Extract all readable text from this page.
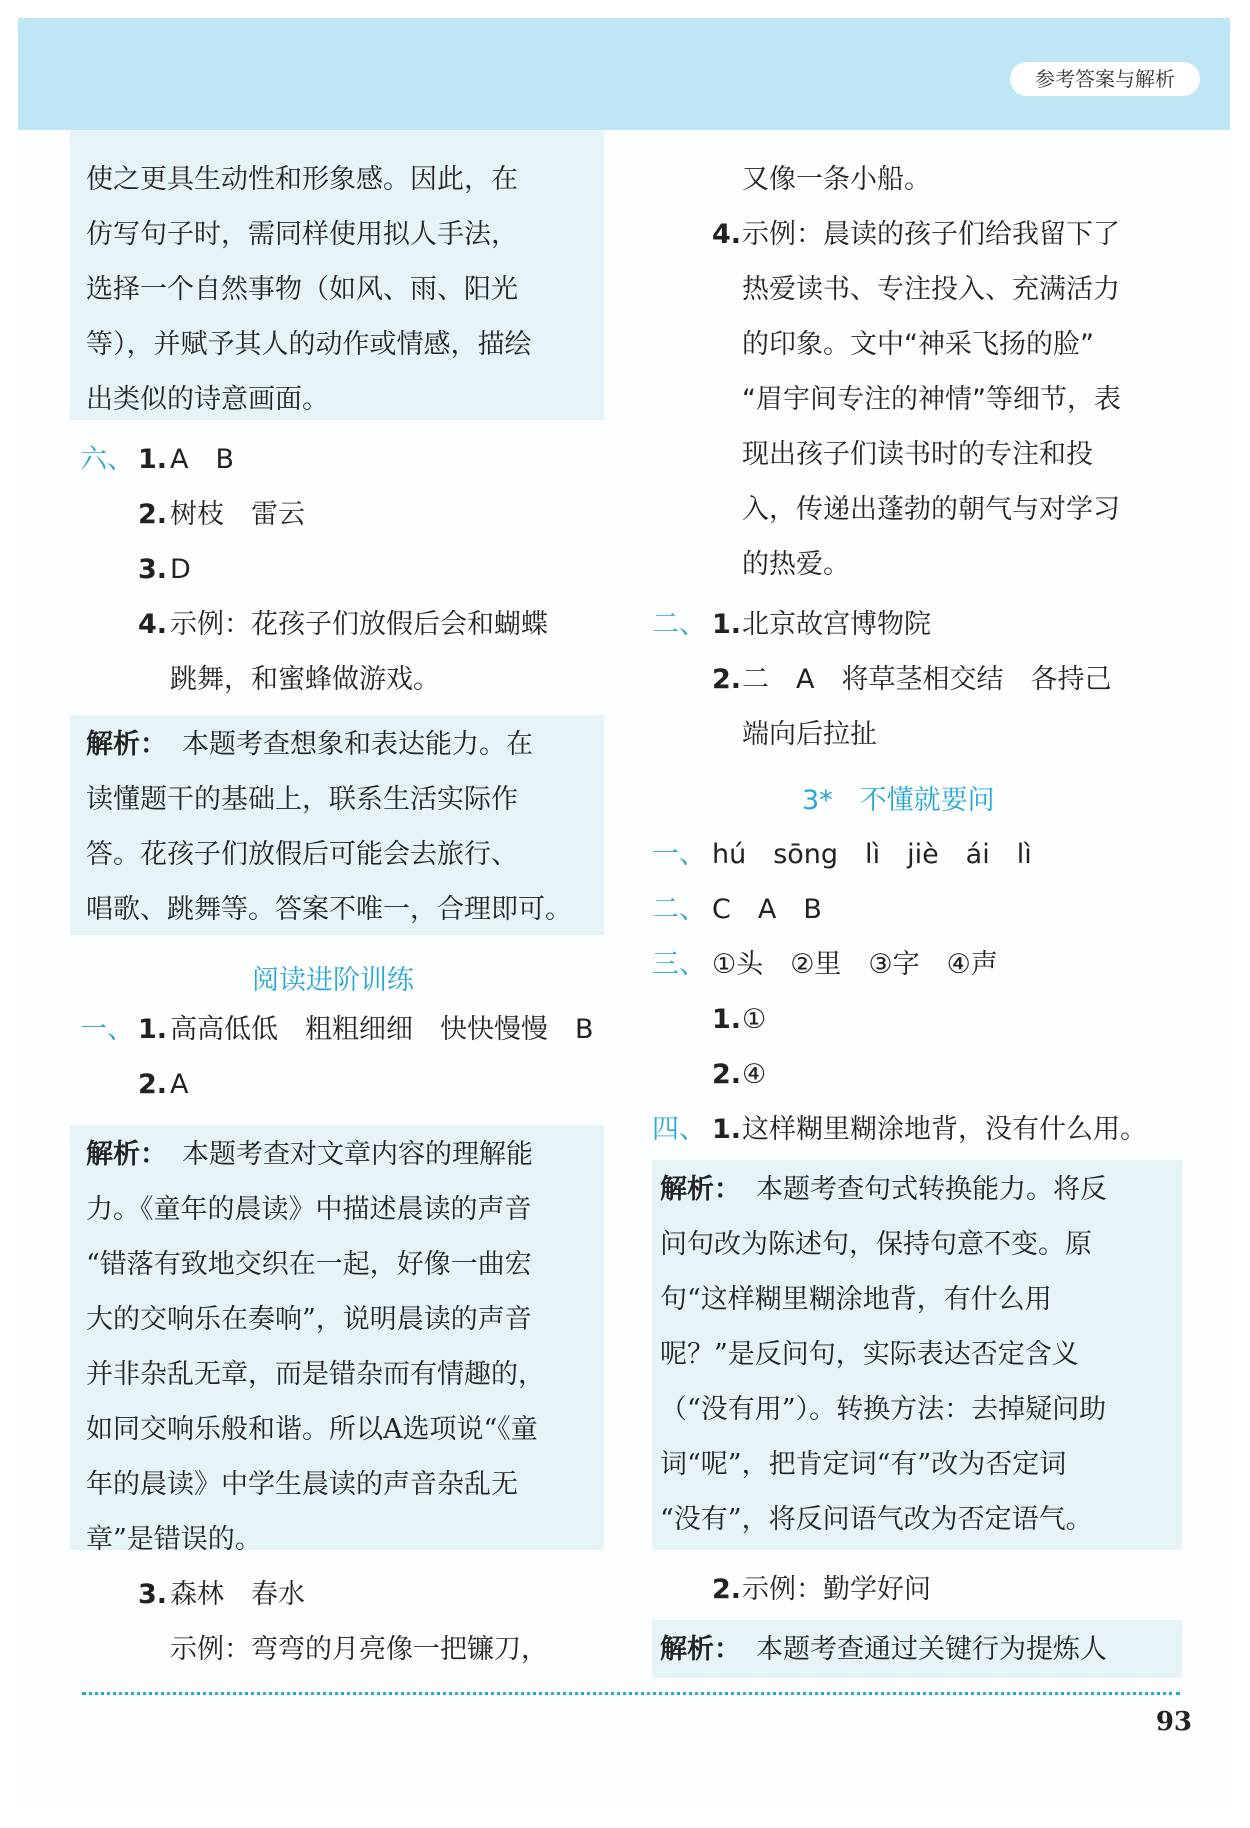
参考答案与解析
使之更具生动性和形象感。因此，在
仿写句子时，需同样使用拟人手法，
选择一个自然事物（如风、雨、阳光
等），并赋予其人的动作或情感，描绘
出类似的诗意画面。
六、 1. A　B
2. 树枝　雷云
3. D
4. 示例：花孩子们放假后会和蝴蝶
跳舞，和蜜蜂做游戏。
解析： 本题考查想象和表达能力。在
读懂题干的基础上，联系生活实际作
答。花孩子们放假后可能会去旅行、
唱歌、跳舞等。答案不唯一，合理即可。
阅读进阶训练
一、 1. 高高低低　粗粗细细　快快慢慢　B
2. A
解析： 本题考查对文章内容的理解能
力。《童年的晨读》中描述晨读的声音
“错落有致地交织在一起，好像一曲宏
大的交响乐在奏响”，说明晨读的声音
并非杂乱无章，而是错杂而有情趣的，
如同交响乐般和谐。所以A选项说“《童
年的晨读》中学生晨读的声音杂乱无
章”是错误的。
3. 森林　春水
示例：弯弯的月亮像一把镰刀，
又像一条小船。
4. 示例：晨读的孩子们给我留下了
热爱读书、专注投入、充满活力
的印象。文中“神采飞扬的脸”
“眉宇间专注的神情”等细节，表
现出孩子们读书时的专注和投
入，传递出蓬勃的朝气与对学习
的热爱。
二、 1. 北京故宫博物院
2. 二　A　将草茎相交结　各持己
端向后拉扯
3*　不懂就要问
一、 hú　sōng　lì　jiè　ái　lì
二、 C　A　B
三、 ①头　②里　③字　④声
1. ①
2. ④
四、 1. 这样糊里糊涂地背，没有什么用。
解析： 本题考查句式转换能力。将反
问句改为陈述句，保持句意不变。原
句“这样糊里糊涂地背，有什么用
呢？”是反问句，实际表达否定含义
（“没有用”）。转换方法：去掉疑问助
词“呢”，把肯定词“有”改为否定词
“没有”，将反问语气改为否定语气。
2. 示例：勤学好问
解析： 本题考查通过关键行为提炼人
93
